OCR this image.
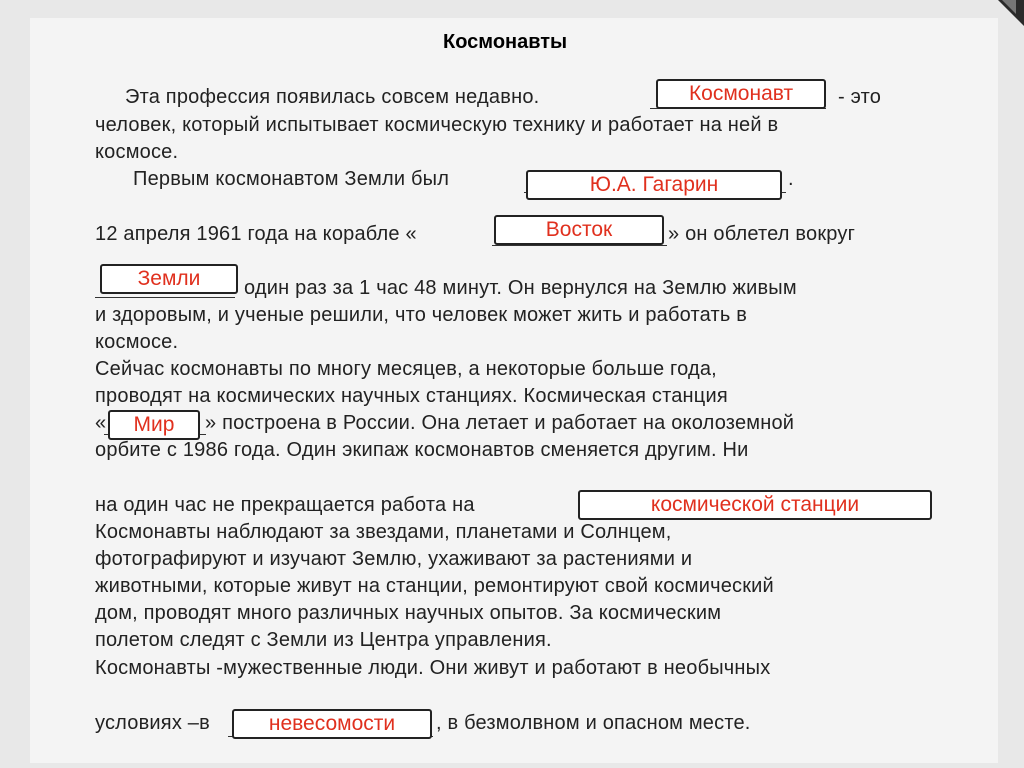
Космонавты
Эта профессия появилась совсем недавно.	Космонавт	- это
человек, который испытывает космическую технику и работает на ней в
космосе.
Первым космонавтом Земли был	Ю.А. Гагарин	.
12 апреля 1961 года на корабле «	Восток	» он облетел вокруг
Земли	один раз за 1 час 48 минут. Он вернулся на Землю живым
и здоровым, и ученые решили, что человек может жить и работать в
космосе.
Сейчас космонавты по многу месяцев, а некоторые больше года,
проводят на космических научных станциях. Космическая станция
«	Мир	» построена в России. Она летает и работает на околоземной
орбите с 1986 года. Один экипаж космонавтов сменяется другим. Ни
на один час не прекращается работа на	космической станции
Космонавты наблюдают за звездами, планетами и Солнцем,
фотографируют и изучают Землю, ухаживают за растениями и
животными, которые живут на станции, ремонтируют свой космический
дом, проводят много различных научных опытов. За космическим
полетом следят с Земли из Центра управления.
Космонавты -мужественные люди. Они живут и работают в необычных
условиях –в	невесомости	, в безмолвном и опасном месте.
